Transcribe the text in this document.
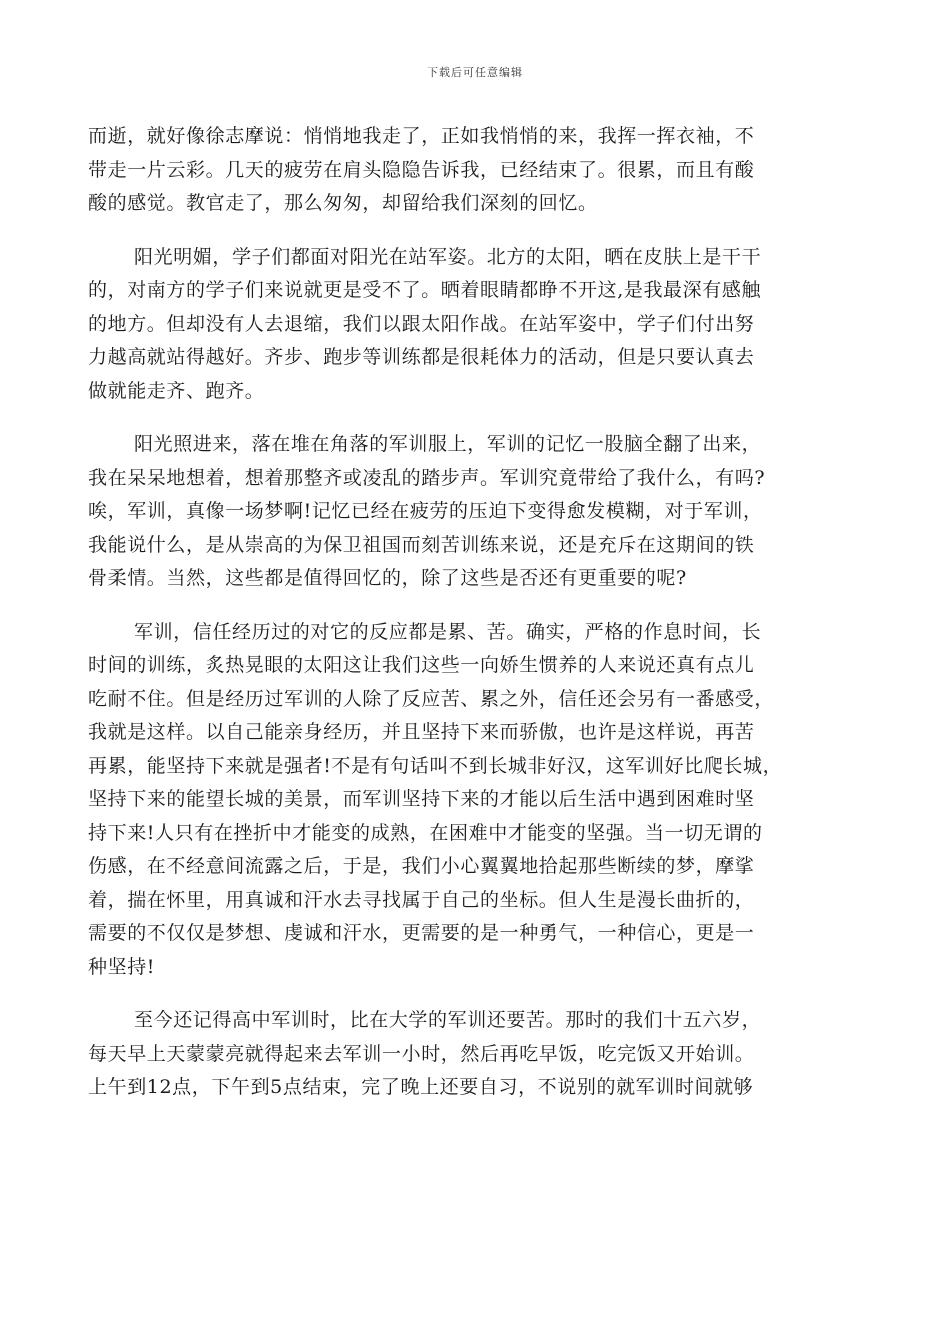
下载后可任意编辑

而逝，就好像徐志摩说：悄悄地我走了，正如我悄悄的来，我挥一挥衣袖，不
带走一片云彩。几天的疲劳在肩头隐隐告诉我，已经结束了。很累，而且有酸
酸的感觉。教官走了，那么匆匆，却留给我们深刻的回忆。

阳光明媚，学子们都面对阳光在站军姿。北方的太阳，晒在皮肤上是干干
的，对南方的学子们来说就更是受不了。晒着眼睛都睁不开这,是我最深有感触
的地方。但却没有人去退缩，我们以跟太阳作战。在站军姿中，学子们付出努
力越高就站得越好。齐步、跑步等训练都是很耗体力的活动，但是只要认真去
做就能走齐、跑齐。

阳光照进来，落在堆在角落的军训服上，军训的记忆一股脑全翻了出来，
我在呆呆地想着，想着那整齐或凌乱的踏步声。军训究竟带给了我什么，有吗?
唉，军训，真像一场梦啊!记忆已经在疲劳的压迫下变得愈发模糊，对于军训，
我能说什么，是从崇高的为保卫祖国而刻苦训练来说，还是充斥在这期间的铁
骨柔情。当然，这些都是值得回忆的，除了这些是否还有更重要的呢?

军训，信任经历过的对它的反应都是累、苦。确实，严格的作息时间，长
时间的训练，炙热晃眼的太阳这让我们这些一向娇生惯养的人来说还真有点儿
吃耐不住。但是经历过军训的人除了反应苦、累之外，信任还会另有一番感受，
我就是这样。以自己能亲身经历，并且坚持下来而骄傲，也许是这样说，再苦
再累，能坚持下来就是强者!不是有句话叫不到长城非好汉，这军训好比爬长城，
坚持下来的能望长城的美景，而军训坚持下来的才能以后生活中遇到困难时坚
持下来!人只有在挫折中才能变的成熟，在困难中才能变的坚强。当一切无谓的
伤感，在不经意间流露之后，于是，我们小心翼翼地拾起那些断续的梦，摩挲
着，揣在怀里，用真诚和汗水去寻找属于自己的坐标。但人生是漫长曲折的，
需要的不仅仅是梦想、虔诚和汗水，更需要的是一种勇气，一种信心，更是一
种坚持!

至今还记得高中军训时，比在大学的军训还要苦。那时的我们十五六岁，
每天早上天蒙蒙亮就得起来去军训一小时，然后再吃早饭，吃完饭又开始训。
上午到12点，下午到5点结束，完了晚上还要自习，不说别的就军训时间就够
